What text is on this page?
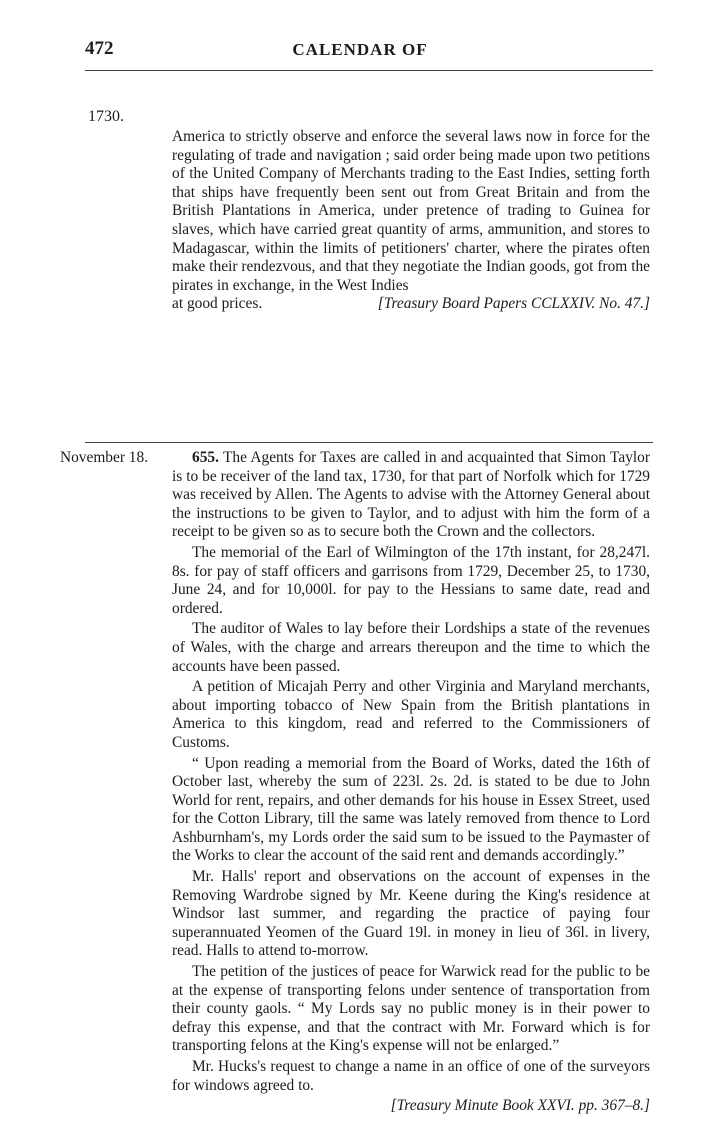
472	CALENDAR OF
1730.

America to strictly observe and enforce the several laws now in force for the regulating of trade and navigation ; said order being made upon two petitions of the United Company of Merchants trading to the East Indies, setting forth that ships have frequently been sent out from Great Britain and from the British Plantations in America, under pretence of trading to Guinea for slaves, which have carried great quantity of arms, ammunition, and stores to Madagascar, within the limits of petitioners' charter, where the pirates often make their rendezvous, and that they negotiate the Indian goods, got from the pirates in exchange, in the West Indies

at good prices.	[Treasury Board Papers CCLXXIV. No. 47.]
November 18.	655. The Agents for Taxes are called in and acquainted that Simon Taylor is to be receiver of the land tax, 1730, for that part of Norfolk which for 1729 was received by Allen. The Agents to advise with the Attorney General about the instructions to be given to Taylor, and to adjust with him the form of a receipt to be given so as to secure both the Crown and the collectors.

The memorial of the Earl of Wilmington of the 17th instant, for 28,247l. 8s. for pay of staff officers and garrisons from 1729, December 25, to 1730, June 24, and for 10,000l. for pay to the Hessians to same date, read and ordered.

The auditor of Wales to lay before their Lordships a state of the revenues of Wales, with the charge and arrears thereupon and the time to which the accounts have been passed.

A petition of Micajah Perry and other Virginia and Maryland merchants, about importing tobacco of New Spain from the British plantations in America to this kingdom, read and referred to the Commissioners of Customs.

“ Upon reading a memorial from the Board of Works, dated the 16th of October last, whereby the sum of 223l. 2s. 2d. is stated to be due to John World for rent, repairs, and other demands for his house in Essex Street, used for the Cotton Library, till the same was lately removed from thence to Lord Ashburnham's, my Lords order the said sum to be issued to the Paymaster of the Works to clear the account of the said rent and demands accordingly.”

Mr. Halls' report and observations on the account of expenses in the Removing Wardrobe signed by Mr. Keene during the King's residence at Windsor last summer, and regarding the practice of paying four superannuated Yeomen of the Guard 19l. in money in lieu of 36l. in livery, read. Halls to attend to-morrow.

The petition of the justices of peace for Warwick read for the public to be at the expense of transporting felons under sentence of transportation from their county gaols. “ My Lords say no public money is in their power to defray this expense, and that the contract with Mr. Forward which is for transporting felons at the King's expense will not be enlarged.”

Mr. Hucks's request to change a name in an office of one of the surveyors for windows agreed to.

[Treasury Minute Book XXVI. pp. 367–8.]
